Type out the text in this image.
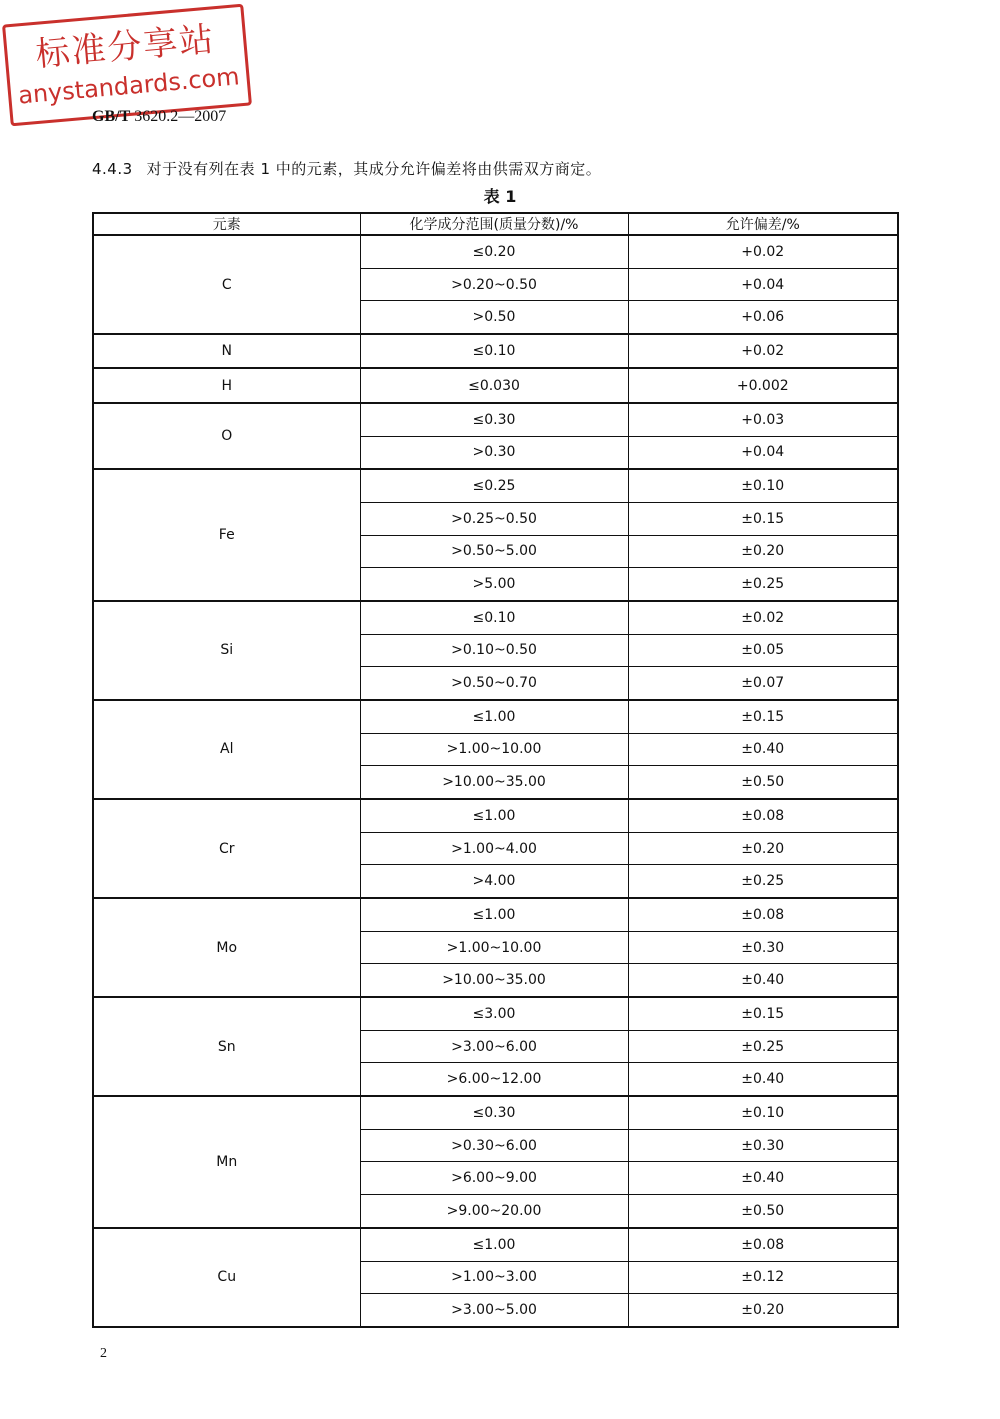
标准分享站
anystandards.com
GB/T 3620.2—2007
4.4.3 对于没有列在表 1 中的元素，其成分允许偏差将由供需双方商定。
表 1
元素	化学成分范围(质量分数)/%	允许偏差/%
C	≤0.20	+0.02
	>0.20~0.50	+0.04
	>0.50	+0.06
N	≤0.10	+0.02
H	≤0.030	+0.002
O	≤0.30	+0.03
	>0.30	+0.04
Fe	≤0.25	±0.10
	>0.25~0.50	±0.15
	>0.50~5.00	±0.20
	>5.00	±0.25
Si	≤0.10	±0.02
	>0.10~0.50	±0.05
	>0.50~0.70	±0.07
Al	≤1.00	±0.15
	>1.00~10.00	±0.40
	>10.00~35.00	±0.50
Cr	≤1.00	±0.08
	>1.00~4.00	±0.20
	>4.00	±0.25
Mo	≤1.00	±0.08
	>1.00~10.00	±0.30
	>10.00~35.00	±0.40
Sn	≤3.00	±0.15
	>3.00~6.00	±0.25
	>6.00~12.00	±0.40
Mn	≤0.30	±0.10
	>0.30~6.00	±0.30
	>6.00~9.00	±0.40
	>9.00~20.00	±0.50
Cu	≤1.00	±0.08
	>1.00~3.00	±0.12
	>3.00~5.00	±0.20
2
